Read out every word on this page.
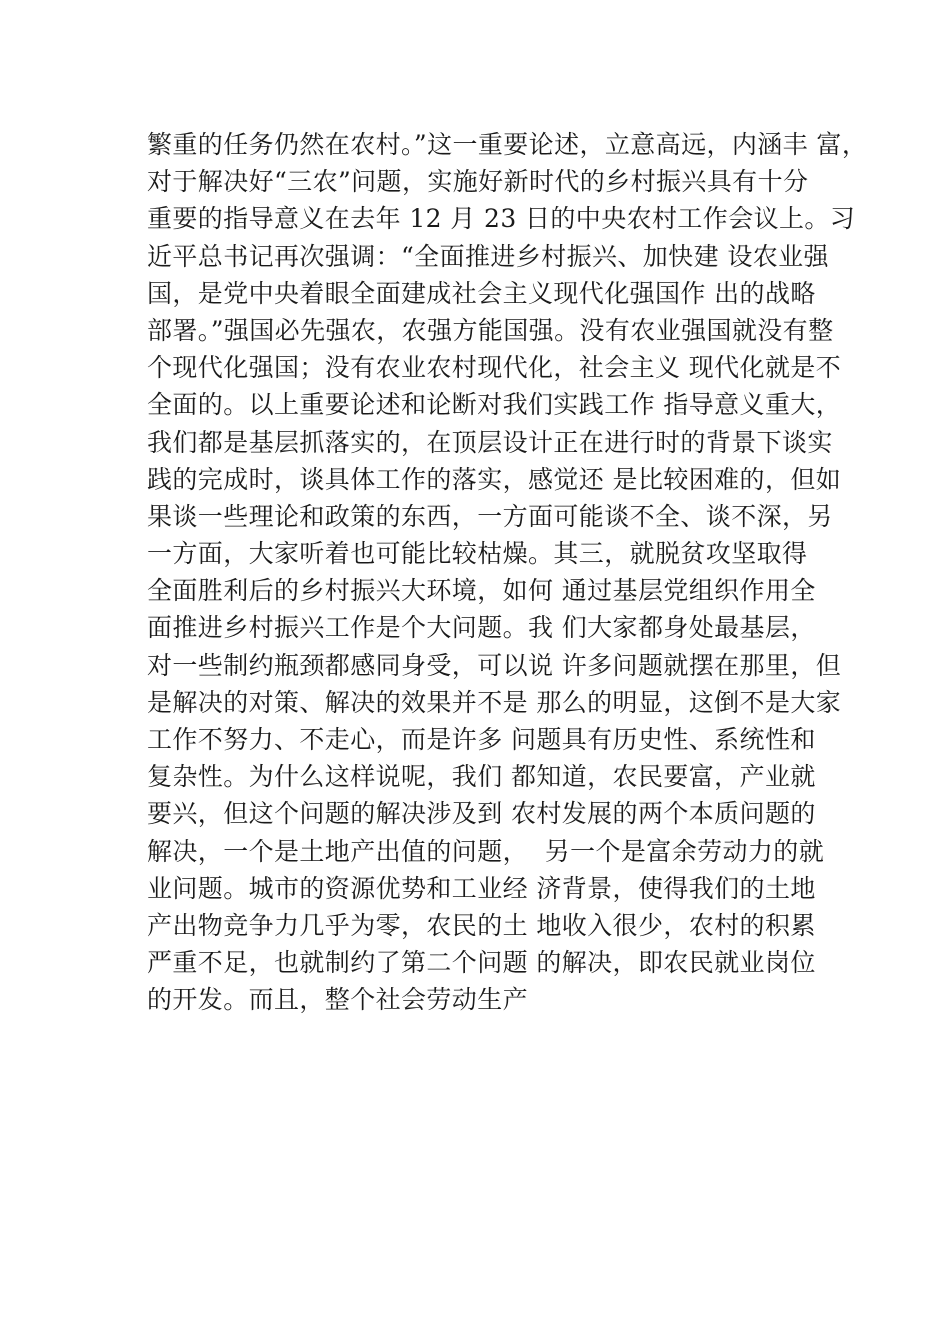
繁重的任务仍然在农村。”这一重要论述，立意高远，内涵丰 富，
对于解决好“三农”问题，实施好新时代的乡村振兴具有十分
重要的指导意义在去年 12 月 23 日的中央农村工作会议上。习
近平总书记再次强调：“全面推进乡村振兴、加快建 设农业强
国，是党中央着眼全面建成社会主义现代化强国作 出的战略
部署。”强国必先强农，农强方能国强。没有农业强国就没有整
个现代化强国；没有农业农村现代化，社会主义 现代化就是不
全面的。以上重要论述和论断对我们实践工作 指导意义重大，
我们都是基层抓落实的，在顶层设计正在进行时的背景下谈实
践的完成时，谈具体工作的落实，感觉还 是比较困难的，但如
果谈一些理论和政策的东西，一方面可能谈不全、谈不深，另
一方面，大家听着也可能比较枯燥。其三，就脱贫攻坚取得
全面胜利后的乡村振兴大环境，如何 通过基层党组织作用全
面推进乡村振兴工作是个大问题。我 们大家都身处最基层，
对一些制约瓶颈都感同身受，可以说 许多问题就摆在那里，但
是解决的对策、解决的效果并不是 那么的明显，这倒不是大家
工作不努力、不走心，而是许多 问题具有历史性、系统性和
复杂性。为什么这样说呢，我们 都知道，农民要富，产业就
要兴，但这个问题的解决涉及到 农村发展的两个本质问题的
解决，一个是土地产出值的问题，  另一个是富余劳动力的就
业问题。城市的资源优势和工业经 济背景，使得我们的土地
产出物竞争力几乎为零，农民的土 地收入很少，农村的积累
严重不足，也就制约了第二个问题 的解决，即农民就业岗位
的开发。而且，整个社会劳动生产
